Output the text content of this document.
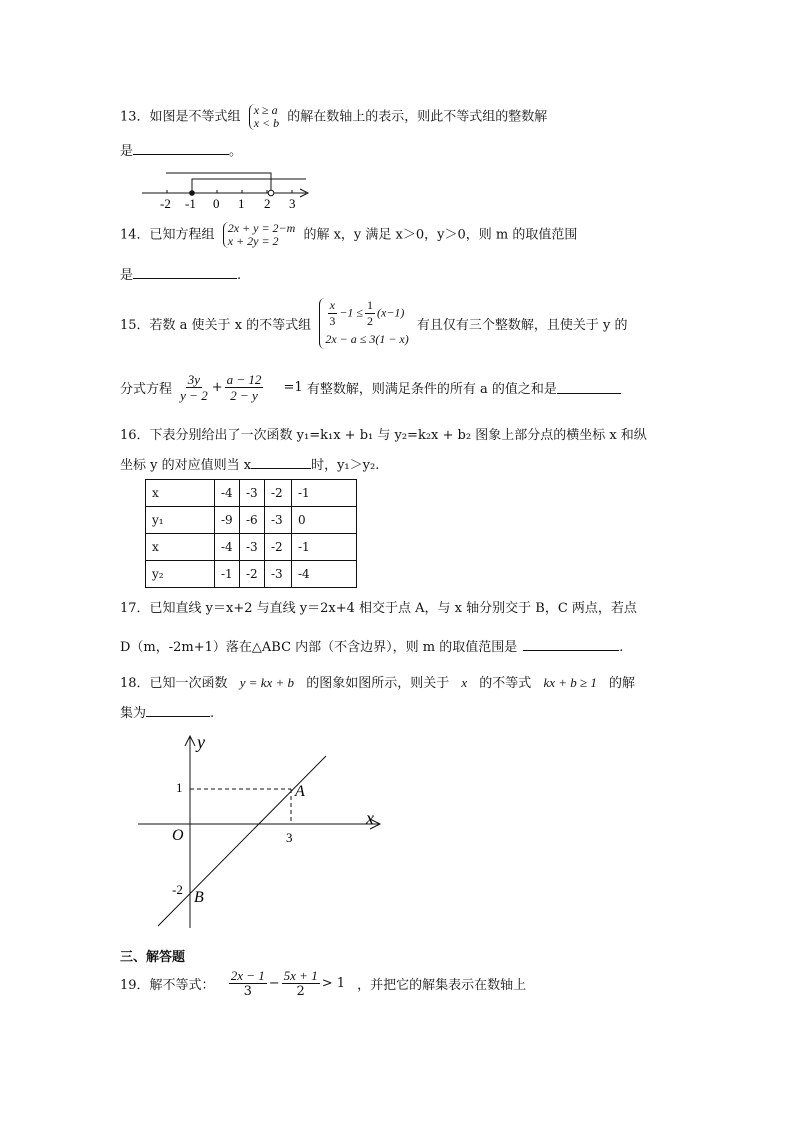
13．如图是不等式组 x ≥ a
x < b 的解在数轴上的表示，则此不等式组的整数解
是	。
-2 -1 0 1 2 3
14．已知方程组 2x + y = 2−m
x + 2y = 2	的解 x，y 满足 x＞0，y＞0，则 m 的取值范围
是	.
15．若数 a 使关于 x 的不等式组 $\frac{x}{3} -1 \le \frac{1}{2} (x-1)$
2x − a ≤ 3(1 − x)
有且仅有三个整数解，且使关于 y 的
分式方程 $\frac{3y}{y - 2} + \frac{a - 12}{2 - y} =1$ 有整数解，则满足条件的所有 a 的值之和是
16．下表分别给出了一次函数 y₁=k₁x + b₁ 与 y₂=k₂x + b₂ 图象上部分点的横坐标 x 和纵
坐标 y 的对应值则当 x	时，y₁＞y₂.
x	-4	-3	-2	-1
y₁	-9	-6	-3	0
x	-4	-3	-2	-1
y₂	-1	-2	-3	-4
17．已知直线 y＝x+2 与直线 y＝2x+4 相交于点 A，与 x 轴分别交于 B，C 两点，若点
D（m，-2m+1）落在△ABC 内部（不含边界），则 m 的取值范围是	.
18．已知一次函数 y = kx + b 的图象如图所示，则关于 x 的不等式 kx + b ≥ 1 的解
集为	.
y
x
O
1
3
-2
A
B
三、解答题
19．解不等式： $\frac{2x - 1}{3} - \frac{5x + 1}{2} > 1$ ，并把它的解集表示在数轴上
